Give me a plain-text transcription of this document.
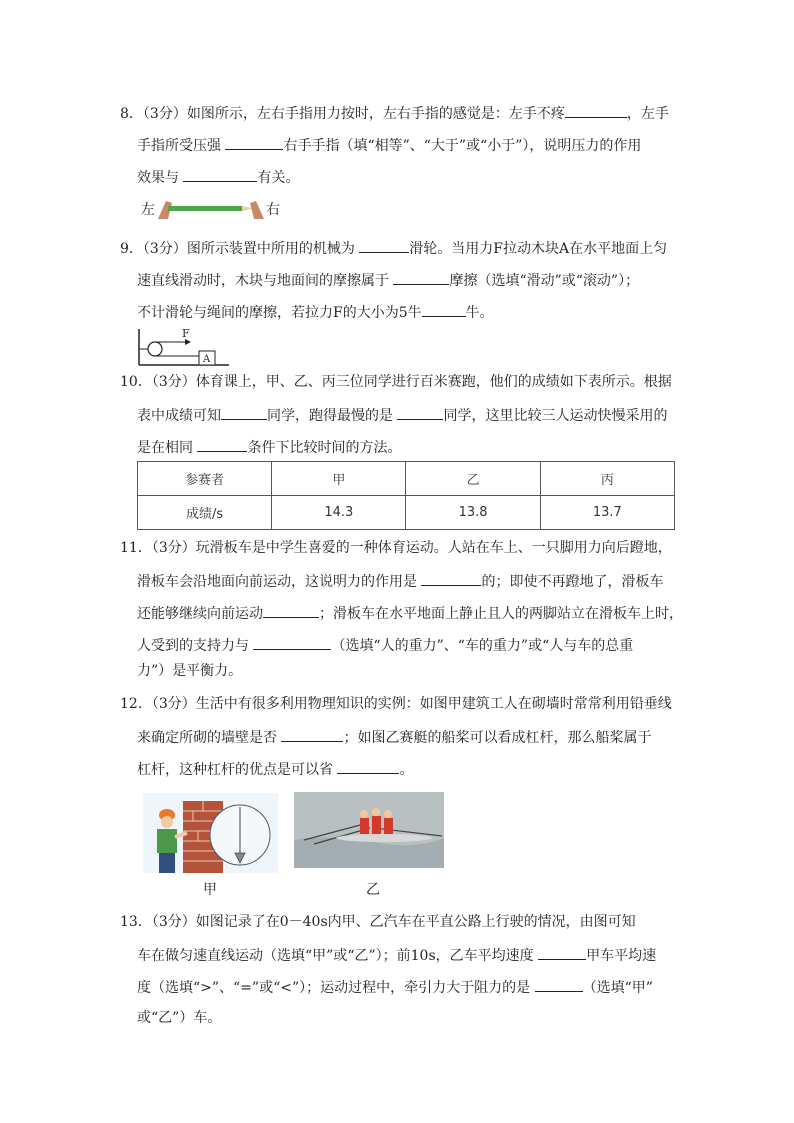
8．（3分）如图所示，左右手指用力按时，左右手指的感觉是：左手不疼	，左手
手指所受压强	右手手指（填“相等”、“大于”或“小于”），说明压力的作用
效果与	有关。
左	右
9．（3分）图所示装置中所用的机械为	滑轮。当用力F拉动木块A在水平地面上匀
速直线滑动时，木块与地面间的摩擦属于	摩擦（选填“滑动”或“滚动”）；
不计滑轮与绳间的摩擦，若拉力F的大小为5牛	牛。
F
A
10．（3分）体育课上，甲、乙、丙三位同学进行百米赛跑，他们的成绩如下表所示。根据
表中成绩可知	同学，跑得最慢的是	同学，这里比较三人运动快慢采用的
是在相同	条件下比较时间的方法。
参赛者	甲	乙	丙
成绩/s	14.3	13.8	13.7
11．（3分）玩滑板车是中学生喜爱的一种体育运动。人站在车上、一只脚用力向后蹬地，
滑板车会沿地面向前运动，这说明力的作用是	的；即使不再蹬地了，滑板车
还能够继续向前运动	；滑板车在水平地面上静止且人的两脚站立在滑板车上时，
人受到的支持力与	（选填“人的重力”、“车的重力”或“人与车的总重
力”）是平衡力。
12．（3分）生活中有很多利用物理知识的实例：如图甲建筑工人在砌墙时常常利用铅垂线
来确定所砌的墙壁是否	；如图乙赛艇的船桨可以看成杠杆，那么船桨属于
杠杆，这种杠杆的优点是可以省	。
甲	乙
13．（3分）如图记录了在0－40s内甲、乙汽车在平直公路上行驶的情况，由图可知
车在做匀速直线运动（选填“甲”或“乙”）；前10s，乙车平均速度	甲车平均速
度（选填“>”、“=”或“<”）；运动过程中，牵引力大于阻力的是	（选填“甲”
或“乙”）车。
